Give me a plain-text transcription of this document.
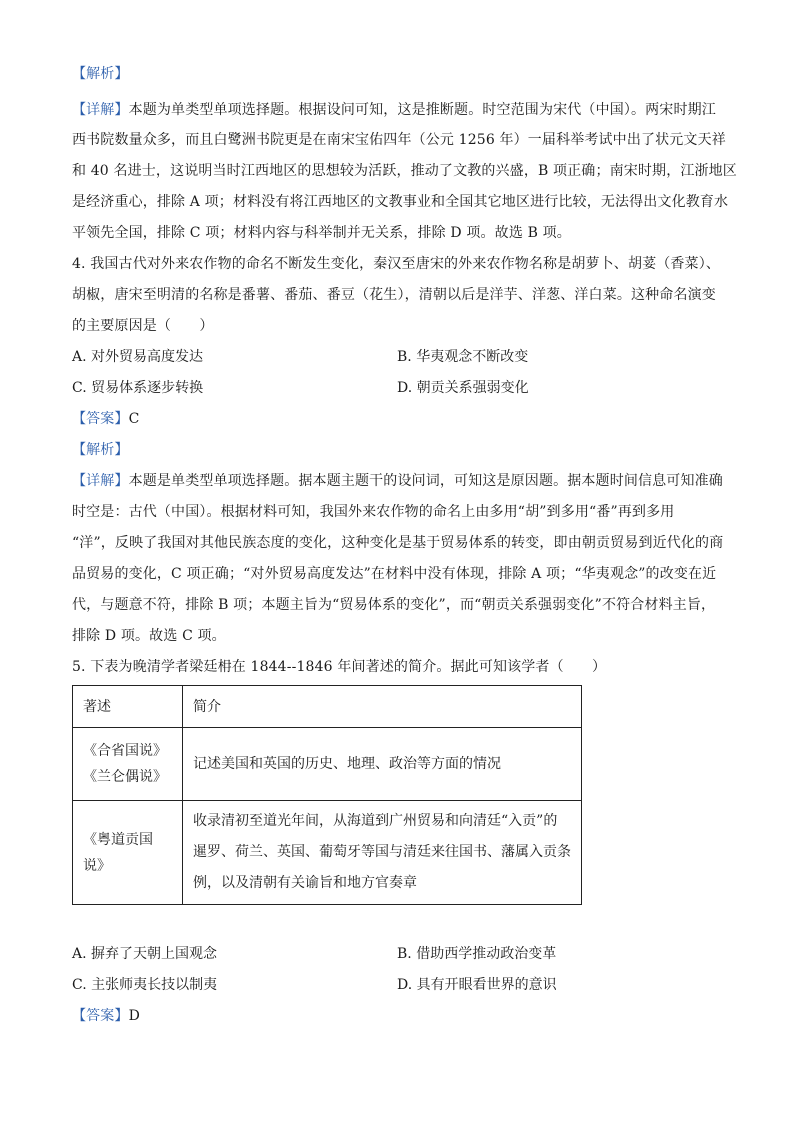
【解析】
【详解】本题为单类型单项选择题。根据设问可知，这是推断题。时空范围为宋代（中国）。两宋时期江
西书院数量众多，而且白鹭洲书院更是在南宋宝佑四年（公元 1256 年）一届科举考试中出了状元文天祥
和 40 名进士，这说明当时江西地区的思想较为活跃，推动了文教的兴盛，B 项正确；南宋时期，江浙地区
是经济重心，排除 A 项；材料没有将江西地区的文教事业和全国其它地区进行比较，无法得出文化教育水
平领先全国，排除 C 项；材料内容与科举制并无关系，排除 D 项。故选 B 项。
4. 我国古代对外来农作物的命名不断发生变化，秦汉至唐宋的外来农作物名称是胡萝卜、胡荽（香菜）、
胡椒，唐宋至明清的名称是番薯、番茄、番豆（花生），清朝以后是洋芋、洋葱、洋白菜。这种命名演变
的主要原因是（　　）
A. 对外贸易高度发达	B. 华夷观念不断改变
C. 贸易体系逐步转换	D. 朝贡关系强弱变化
【答案】C
【解析】
【详解】本题是单类型单项选择题。据本题主题干的设问词，可知这是原因题。据本题时间信息可知准确
时空是：古代（中国）。根据材料可知，我国外来农作物的命名上由多用“胡”到多用“番”再到多用
“洋”，反映了我国对其他民族态度的变化，这种变化是基于贸易体系的转变，即由朝贡贸易到近代化的商
品贸易的变化，C 项正确；“对外贸易高度发达”在材料中没有体现，排除 A 项；“华夷观念”的改变在近
代，与题意不符，排除 B 项；本题主旨为“贸易体系的变化”，而“朝贡关系强弱变化”不符合材料主旨，
排除 D 项。故选 C 项。
5. 下表为晚清学者梁廷枏在 1844--1846 年间著述的简介。据此可知该学者（　　）
著述	简介

《合省国说》
《兰仑偶说》	记述美国和英国的历史、地理、政治等方面的情况

《粤道贡国
说》	收录清初至道光年间，从海道到广州贸易和向清廷“入贡”的
暹罗、荷兰、英国、葡萄牙等国与清廷来往国书、藩属入贡条
例，以及清朝有关谕旨和地方官奏章
A. 摒弃了天朝上国观念	B. 借助西学推动政治变革
C. 主张师夷长技以制夷	D. 具有开眼看世界的意识
【答案】D
